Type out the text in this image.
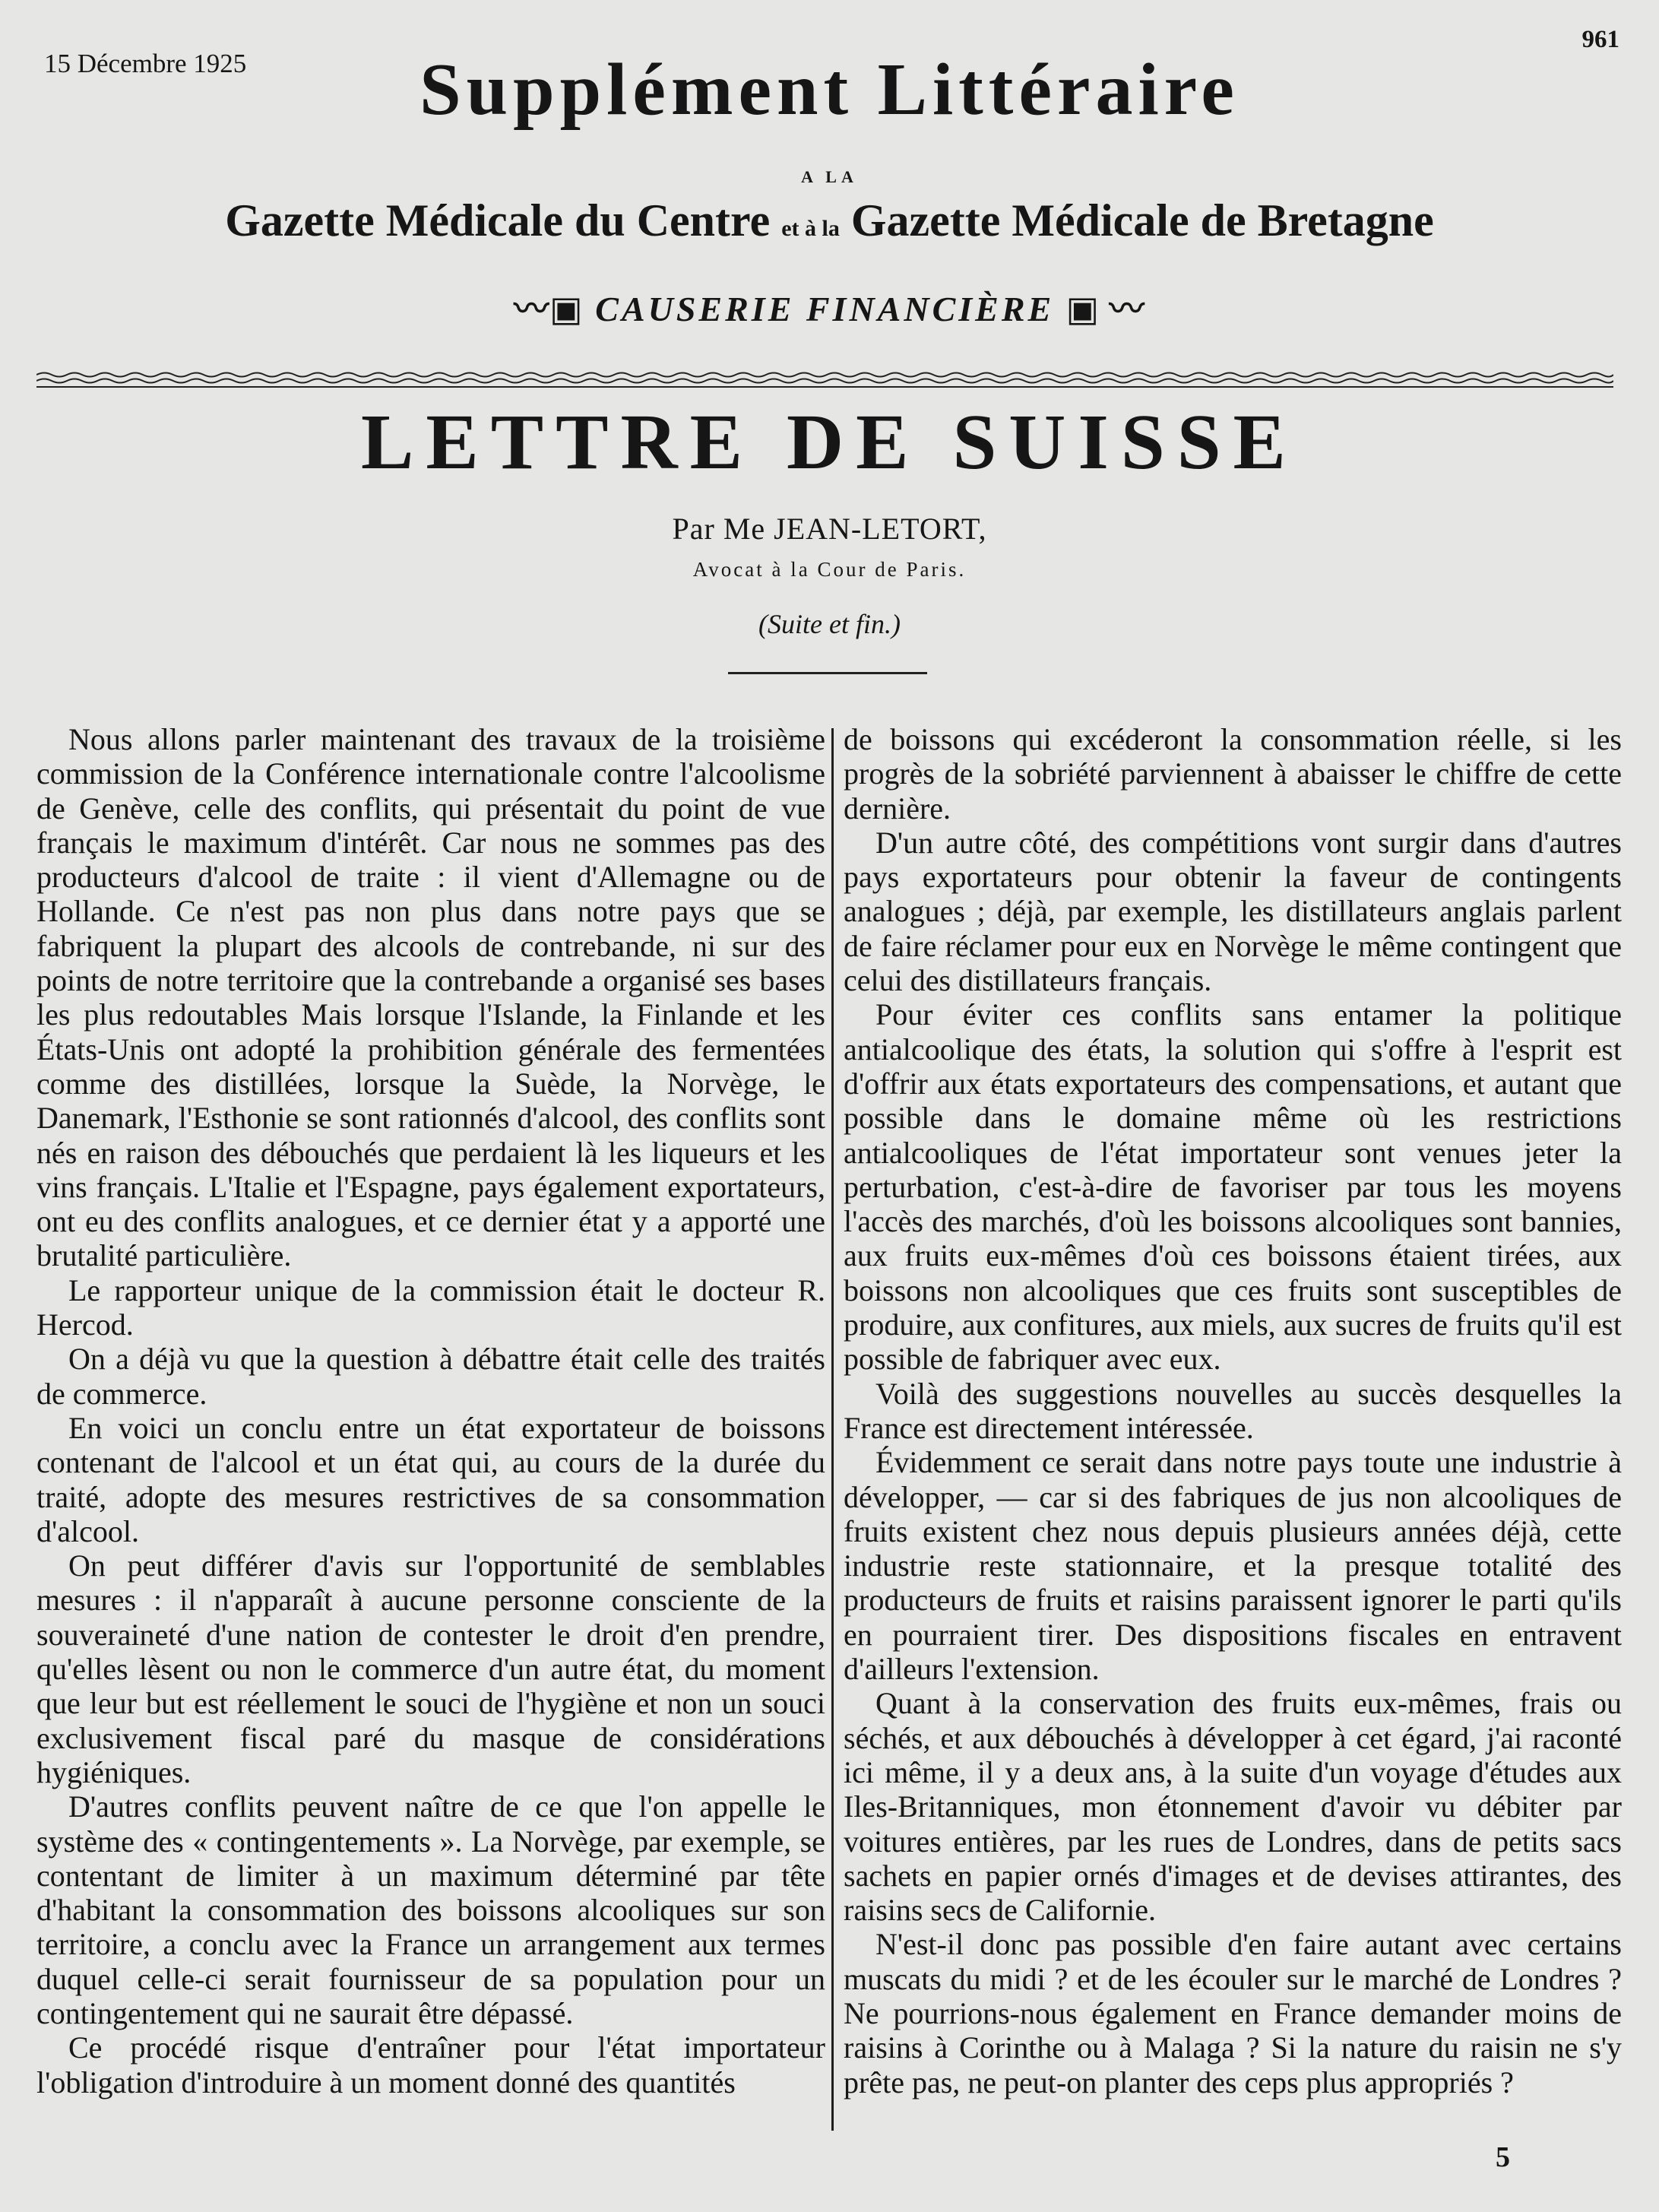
15 Décembre 1925
961
Supplément Littéraire
A LA
Gazette Médicale du Centre et à la Gazette Médicale de Bretagne
〰▣ CAUSERIE FINANCIÈRE ▣ 〰
LETTRE DE SUISSE
Par Me JEAN-LETORT,
Avocat à la Cour de Paris.
(Suite et fin.)

Nous allons parler maintenant des travaux de la troisième commission de la Conférence internationale contre l'alcoolisme de Genève, celle des conflits, qui présentait du point de vue français le maximum d'intérêt. Car nous ne sommes pas des producteurs d'alcool de traite : il vient d'Allemagne ou de Hollande. Ce n'est pas non plus dans notre pays que se fabriquent la plupart des alcools de contrebande, ni sur des points de notre territoire que la contrebande a organisé ses bases les plus redoutables Mais lorsque l'Islande, la Finlande et les États-Unis ont adopté la prohibition générale des fermentées comme des distillées, lorsque la Suède, la Norvège, le Danemark, l'Esthonie se sont rationnés d'alcool, des conflits sont nés en raison des débouchés que perdaient là les liqueurs et les vins français. L'Italie et l'Espagne, pays également exportateurs, ont eu des conflits analogues, et ce dernier état y a apporté une brutalité particulière.

Le rapporteur unique de la commission était le docteur R. Hercod.

On a déjà vu que la question à débattre était celle des traités de commerce.

En voici un conclu entre un état exportateur de boissons contenant de l'alcool et un état qui, au cours de la durée du traité, adopte des mesures restrictives de sa consommation d'alcool.

On peut différer d'avis sur l'opportunité de semblables mesures : il n'apparaît à aucune personne consciente de la souveraineté d'une nation de contester le droit d'en prendre, qu'elles lèsent ou non le commerce d'un autre état, du moment que leur but est réellement le souci de l'hygiène et non un souci exclusivement fiscal paré du masque de considérations hygiéniques.

D'autres conflits peuvent naître de ce que l'on appelle le système des « contingentements ». La Norvège, par exemple, se contentant de limiter à un maximum déterminé par tête d'habitant la consommation des boissons alcooliques sur son territoire, a conclu avec la France un arrangement aux termes duquel celle-ci serait fournisseur de sa population pour un contingentement qui ne saurait être dépassé.

Ce procédé risque d'entraîner pour l'état importateur l'obligation d'introduire à un moment donné des quantités

de boissons qui excéderont la consommation réelle, si les progrès de la sobriété parviennent à abaisser le chiffre de cette dernière.

D'un autre côté, des compétitions vont surgir dans d'autres pays exportateurs pour obtenir la faveur de contingents analogues ; déjà, par exemple, les distillateurs anglais parlent de faire réclamer pour eux en Norvège le même contingent que celui des distillateurs français.

Pour éviter ces conflits sans entamer la politique antialcoolique des états, la solution qui s'offre à l'esprit est d'offrir aux états exportateurs des compensations, et autant que possible dans le domaine même où les restrictions antialcooliques de l'état importateur sont venues jeter la perturbation, c'est-à-dire de favoriser par tous les moyens l'accès des marchés, d'où les boissons alcooliques sont bannies, aux fruits eux-mêmes d'où ces boissons étaient tirées, aux boissons non alcooliques que ces fruits sont susceptibles de produire, aux confitures, aux miels, aux sucres de fruits qu'il est possible de fabriquer avec eux.

Voilà des suggestions nouvelles au succès desquelles la France est directement intéressée.

Évidemment ce serait dans notre pays toute une industrie à développer, — car si des fabriques de jus non alcooliques de fruits existent chez nous depuis plusieurs années déjà, cette industrie reste stationnaire, et la presque totalité des producteurs de fruits et raisins paraissent ignorer le parti qu'ils en pourraient tirer. Des dispositions fiscales en entravent d'ailleurs l'extension.

Quant à la conservation des fruits eux-mêmes, frais ou séchés, et aux débouchés à développer à cet égard, j'ai raconté ici même, il y a deux ans, à la suite d'un voyage d'études aux Iles-Britanniques, mon étonnement d'avoir vu débiter par voitures entières, par les rues de Londres, dans de petits sacs sachets en papier ornés d'images et de devises attirantes, des raisins secs de Californie.

N'est-il donc pas possible d'en faire autant avec certains muscats du midi ? et de les écouler sur le marché de Londres ? Ne pourrions-nous également en France demander moins de raisins à Corinthe ou à Malaga ? Si la nature du raisin ne s'y prête pas, ne peut-on planter des ceps plus appropriés ?

5
